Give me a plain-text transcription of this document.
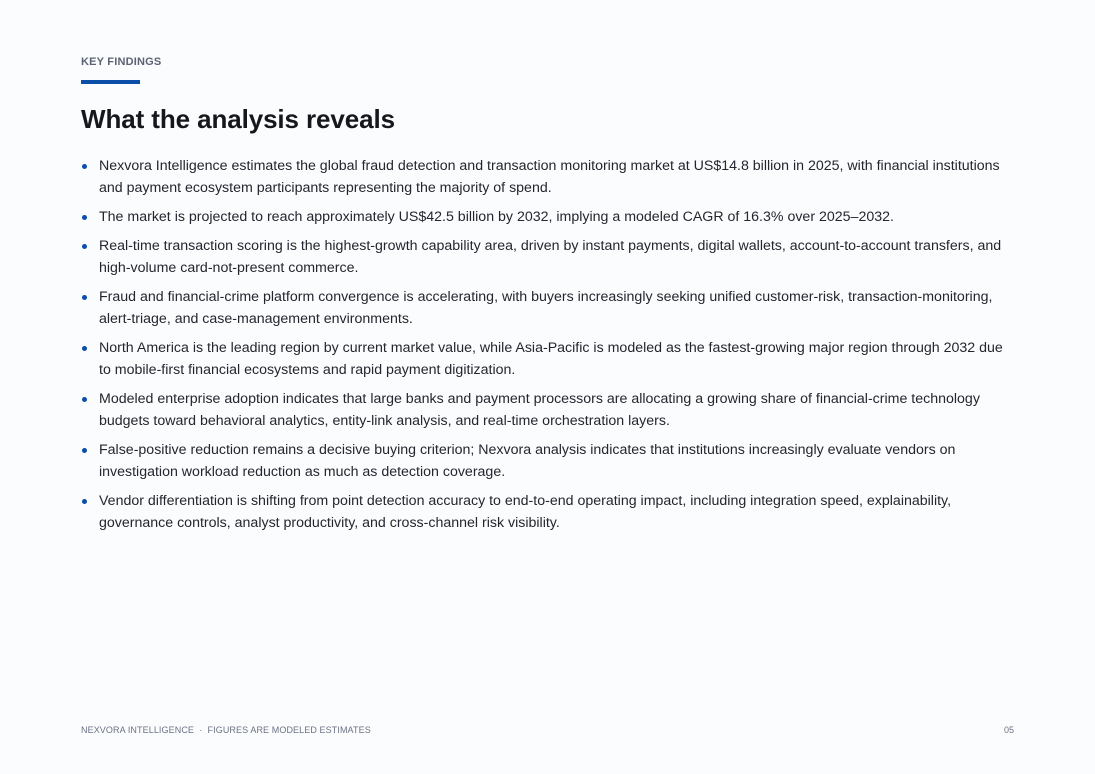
KEY FINDINGS
What the analysis reveals
Nexvora Intelligence estimates the global fraud detection and transaction monitoring market at US$14.8 billion in 2025, with financial institutions and payment ecosystem participants representing the majority of spend.
The market is projected to reach approximately US$42.5 billion by 2032, implying a modeled CAGR of 16.3% over 2025–2032.
Real-time transaction scoring is the highest-growth capability area, driven by instant payments, digital wallets, account-to-account transfers, and high-volume card-not-present commerce.
Fraud and financial-crime platform convergence is accelerating, with buyers increasingly seeking unified customer-risk, transaction-monitoring, alert-triage, and case-management environments.
North America is the leading region by current market value, while Asia-Pacific is modeled as the fastest-growing major region through 2032 due to mobile-first financial ecosystems and rapid payment digitization.
Modeled enterprise adoption indicates that large banks and payment processors are allocating a growing share of financial-crime technology budgets toward behavioral analytics, entity-link analysis, and real-time orchestration layers.
False-positive reduction remains a decisive buying criterion; Nexvora analysis indicates that institutions increasingly evaluate vendors on investigation workload reduction as much as detection coverage.
Vendor differentiation is shifting from point detection accuracy to end-to-end operating impact, including integration speed, explainability, governance controls, analyst productivity, and cross-channel risk visibility.
NEXVORA INTELLIGENCE  ·  FIGURES ARE MODELED ESTIMATES	05
